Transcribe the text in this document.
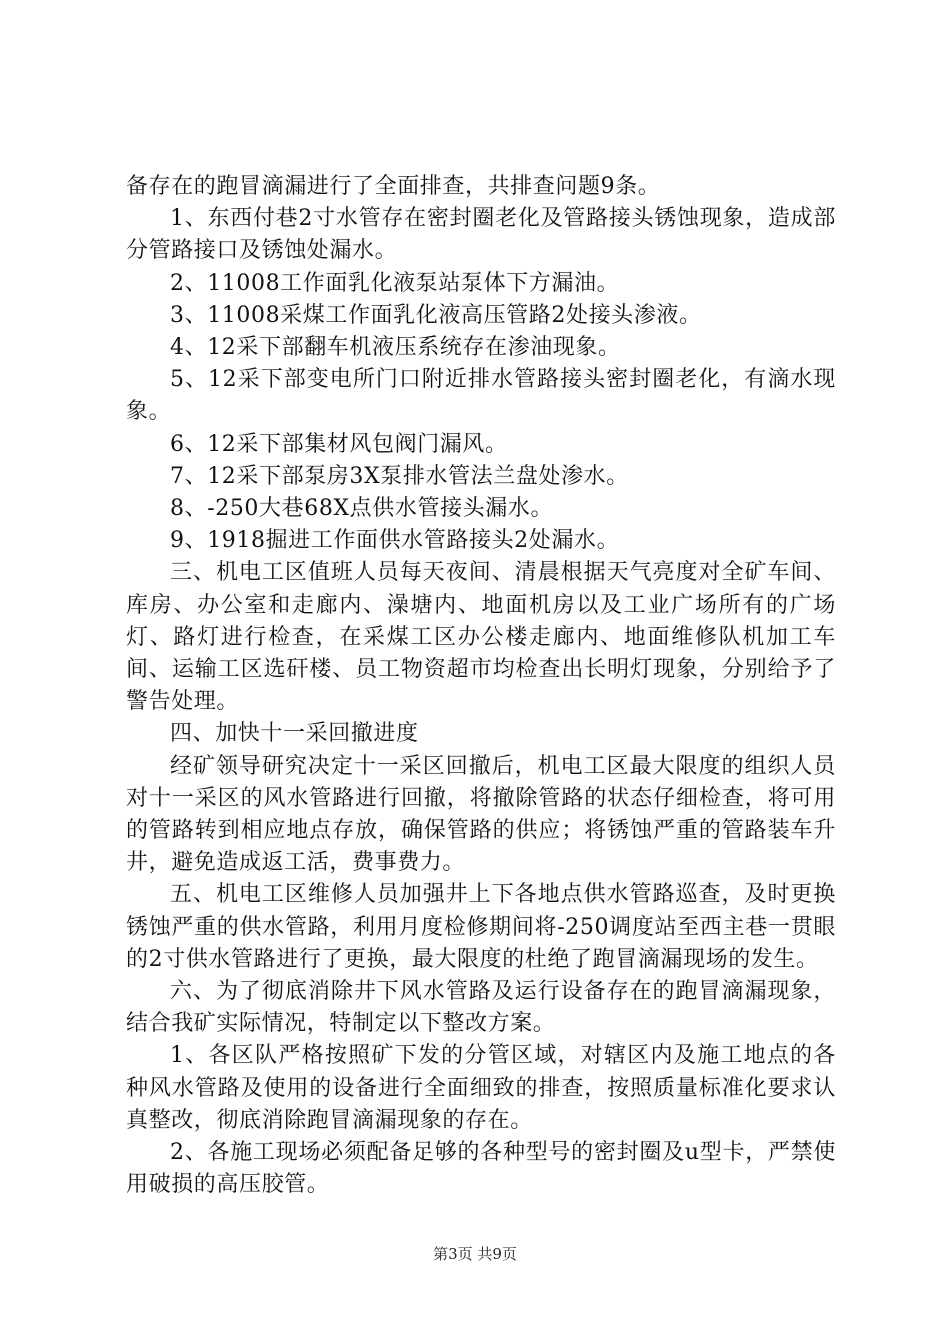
备存在的跑冒滴漏进行了全面排查，共排查问题9条。

1、东西付巷2寸水管存在密封圈老化及管路接头锈蚀现象，造成部分管路接口及锈蚀处漏水。

2、11008工作面乳化液泵站泵体下方漏油。

3、11008采煤工作面乳化液高压管路2处接头渗液。

4、12采下部翻车机液压系统存在渗油现象。

5、12采下部变电所门口附近排水管路接头密封圈老化，有滴水现象。

6、12采下部集材风包阀门漏风。

7、12采下部泵房3X泵排水管法兰盘处渗水。

8、-250大巷68X点供水管接头漏水。

9、1918掘进工作面供水管路接头2处漏水。

三、机电工区值班人员每天夜间、清晨根据天气亮度对全矿车间、库房、办公室和走廊内、澡塘内、地面机房以及工业广场所有的广场灯、路灯进行检查，在采煤工区办公楼走廊内、地面维修队机加工车间、运输工区选矸楼、员工物资超市均检查出长明灯现象，分别给予了警告处理。

四、加快十一采回撤进度

经矿领导研究决定十一采区回撤后，机电工区最大限度的组织人员对十一采区的风水管路进行回撤，将撤除管路的状态仔细检查，将可用的管路转到相应地点存放，确保管路的供应；将锈蚀严重的管路装车升井，避免造成返工活，费事费力。

五、机电工区维修人员加强井上下各地点供水管路巡查，及时更换锈蚀严重的供水管路，利用月度检修期间将-250调度站至西主巷一贯眼的2寸供水管路进行了更换，最大限度的杜绝了跑冒滴漏现场的发生。

六、为了彻底消除井下风水管路及运行设备存在的跑冒滴漏现象，结合我矿实际情况，特制定以下整改方案。

1、各区队严格按照矿下发的分管区域，对辖区内及施工地点的各种风水管路及使用的设备进行全面细致的排查，按照质量标准化要求认真整改，彻底消除跑冒滴漏现象的存在。

2、各施工现场必须配备足够的各种型号的密封圈及u型卡，严禁使用破损的高压胶管。

第3页 共9页
